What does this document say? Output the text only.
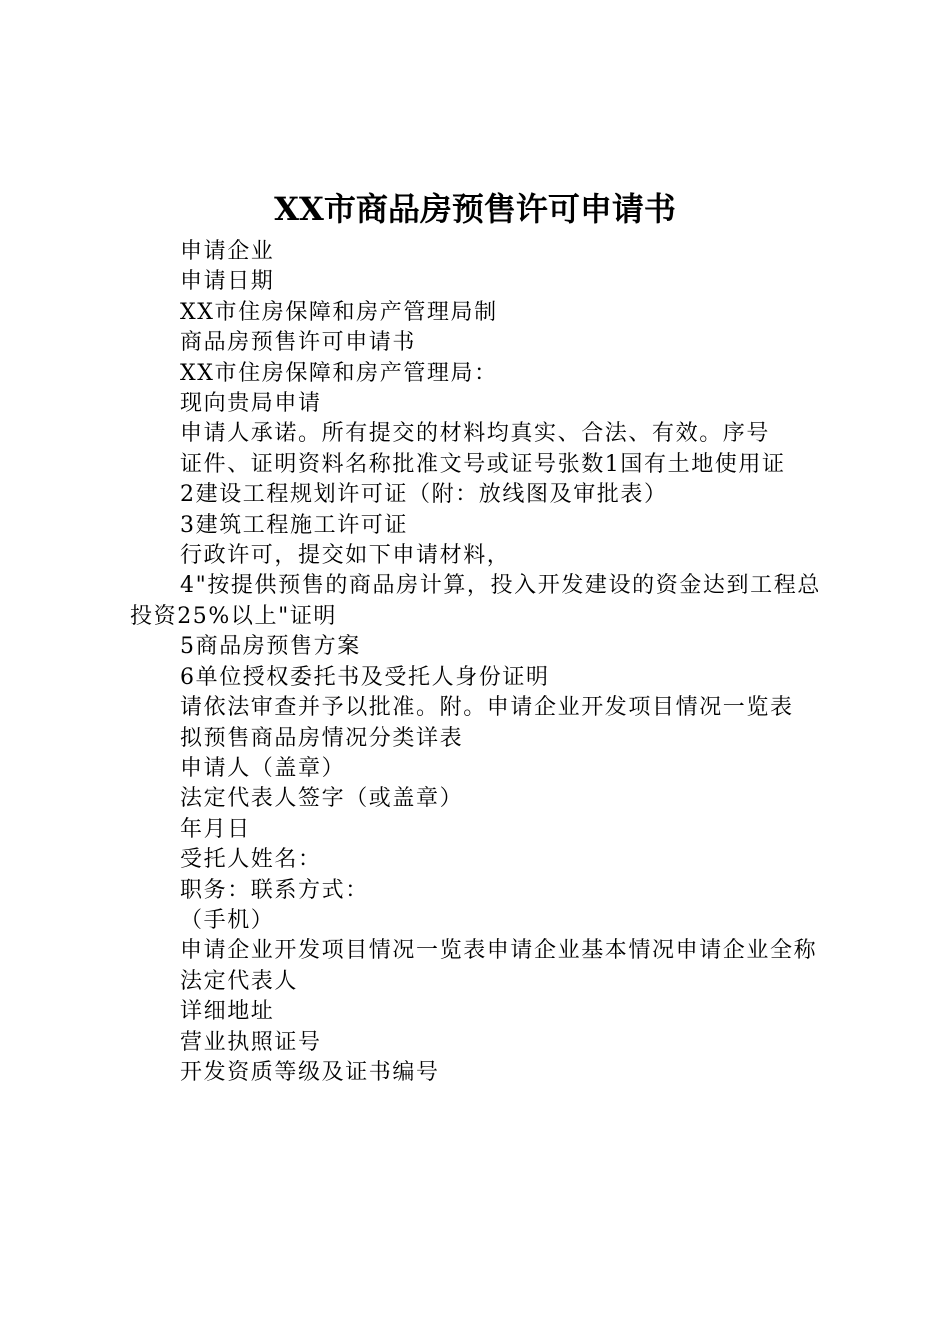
XX市商品房预售许可申请书

申请企业

申请日期

XX市住房保障和房产管理局制

商品房预售许可申请书

XX市住房保障和房产管理局：

现向贵局申请

申请人承诺。所有提交的材料均真实、合法、有效。序号

证件、证明资料名称批准文号或证号张数1国有土地使用证

2建设工程规划许可证（附：放线图及审批表）

3建筑工程施工许可证

行政许可，提交如下申请材料，

4"按提供预售的商品房计算，投入开发建设的资金达到工程总投资25%以上"证明

5商品房预售方案

6单位授权委托书及受托人身份证明

请依法审查并予以批准。附。申请企业开发项目情况一览表

拟预售商品房情况分类详表

申请人（盖章）

法定代表人签字（或盖章）

年月日

受托人姓名：

职务：联系方式：

（手机）

申请企业开发项目情况一览表申请企业基本情况申请企业全称

法定代表人

详细地址

营业执照证号

开发资质等级及证书编号
